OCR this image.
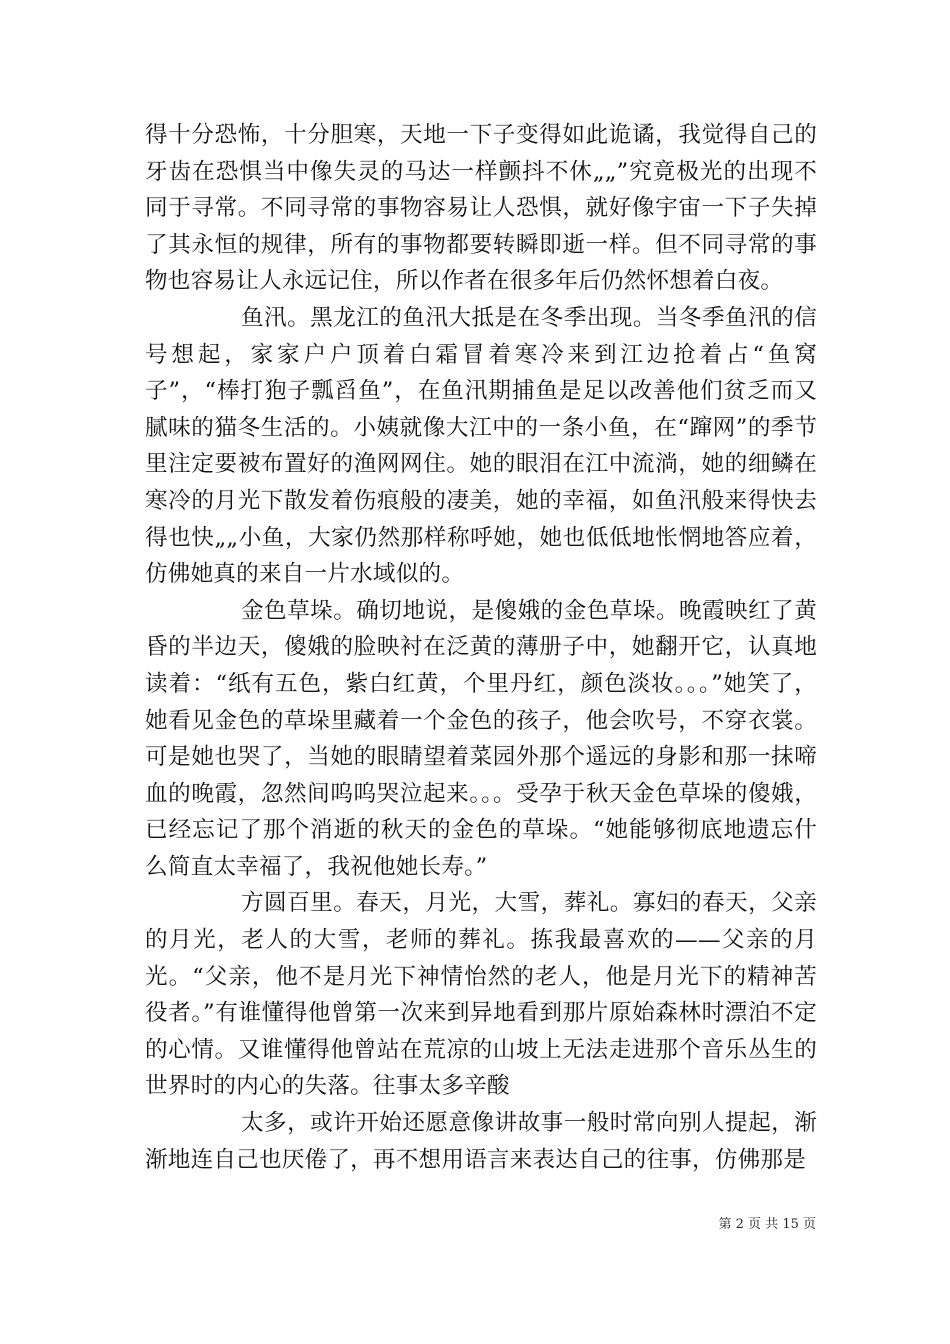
得十分恐怖，十分胆寒，天地一下子变得如此诡谲，我觉得自己的牙齿在恐惧当中像失灵的马达一样颤抖不休„„”究竟极光的出现不同于寻常。不同寻常的事物容易让人恐惧，就好像宇宙一下子失掉了其永恒的规律，所有的事物都要转瞬即逝一样。但不同寻常的事物也容易让人永远记住，所以作者在很多年后仍然怀想着白夜。

鱼汛。黑龙江的鱼汛大抵是在冬季出现。当冬季鱼汛的信号想起，家家户户顶着白霜冒着寒冷来到江边抢着占“鱼窝子”，“棒打狍子瓢舀鱼”，在鱼汛期捕鱼是足以改善他们贫乏而又腻味的猫冬生活的。小姨就像大江中的一条小鱼，在“蹿网”的季节里注定要被布置好的渔网网住。她的眼泪在江中流淌，她的细鳞在寒冷的月光下散发着伤痕般的凄美，她的幸福，如鱼汛般来得快去得也快„„小鱼，大家仍然那样称呼她，她也低低地怅惘地答应着，仿佛她真的来自一片水域似的。

金色草垛。确切地说，是傻娥的金色草垛。晚霞映红了黄昏的半边天，傻娥的脸映衬在泛黄的薄册子中，她翻开它，认真地读着：“纸有五色，紫白红黄，个里丹红，颜色淡妆。。。”她笑了，她看见金色的草垛里藏着一个金色的孩子，他会吹号，不穿衣裳。可是她也哭了，当她的眼睛望着菜园外那个遥远的身影和那一抹啼血的晚霞，忽然间呜呜哭泣起来。。。受孕于秋天金色草垛的傻娥，已经忘记了那个消逝的秋天的金色的草垛。“她能够彻底地遗忘什么简直太幸福了，我祝他她长寿。”

方圆百里。春天，月光，大雪，葬礼。寡妇的春天，父亲的月光，老人的大雪，老师的葬礼。拣我最喜欢的——父亲的月光。“父亲，他不是月光下神情怡然的老人，他是月光下的精神苦役者。”有谁懂得他曾第一次来到异地看到那片原始森林时漂泊不定的心情。又谁懂得他曾站在荒凉的山坡上无法走进那个音乐丛生的世界时的内心的失落。往事太多辛酸

太多，或许开始还愿意像讲故事一般时常向别人提起，渐渐地连自己也厌倦了，再不想用语言来表达自己的往事，仿佛那是

第 2 页 共 15 页
